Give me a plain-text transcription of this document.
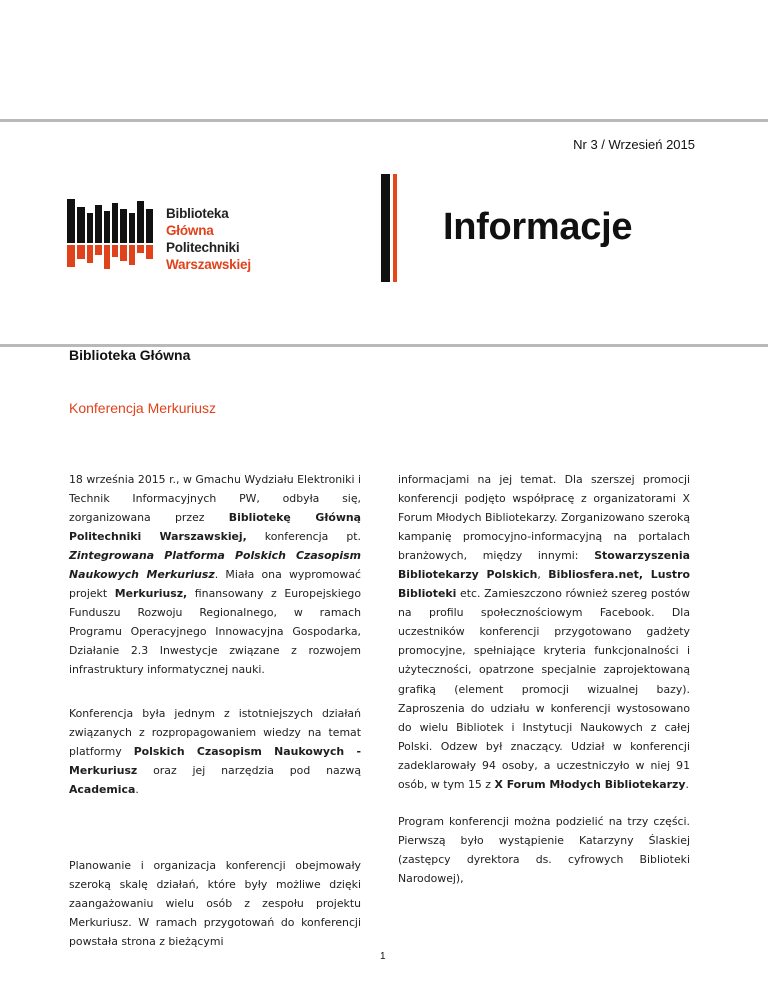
Nr 3 / Wrzesień 2015
Biblioteka
Główna
Politechniki
Warszawskiej
Informacje
Biblioteka Główna
Konferencja Merkuriusz

18 września 2015 r., w Gmachu Wydziału Elektroniki i Technik Informacyjnych PW, odbyła się, zorganizowana przez Bibliotekę Główną Politechniki Warszawskiej, konferencja pt. Zintegrowana Platforma Polskich Czasopism Naukowych Merkuriusz. Miała ona wypromować projekt Merkuriusz, finansowany z Europejskiego Funduszu Rozwoju Regionalnego, w ramach Programu Operacyjnego Innowacyjna Gospodarka, Działanie 2.3 Inwestycje związane z rozwojem infrastruktury informatycznej nauki.

Konferencja była jednym z istotniejszych działań związanych z rozpropagowaniem wiedzy na temat platformy Polskich Czasopism Naukowych - Merkuriusz oraz jej narzędzia pod nazwą Academica.

Planowanie i organizacja konferencji obejmowały szeroką skalę działań, które były możliwe dzięki zaangażowaniu wielu osób z zespołu projektu Merkuriusz. W ramach przygotowań do konferencji powstała strona z bieżącymi

informacjami na jej temat. Dla szerszej promocji konferencji podjęto współpracę z organizatorami X Forum Młodych Bibliotekarzy. Zorganizowano szeroką kampanię promocyjno-informacyjną na portalach branżowych, między innymi: Stowarzyszenia Bibliotekarzy Polskich, Bibliosfera.net, Lustro Biblioteki etc. Zamieszczono również szereg postów na profilu społecznościowym Facebook. Dla uczestników konferencji przygotowano gadżety promocyjne, spełniające kryteria funkcjonalności i użyteczności, opatrzone specjalnie zaprojektowaną grafiką (element promocji wizualnej bazy). Zaproszenia do udziału w konferencji wystosowano do wielu Bibliotek i Instytucji Naukowych z całej Polski. Odzew był znaczący. Udział w konferencji zadeklarowały 94 osoby, a uczestniczyło w niej 91 osób, w tym 15 z X Forum Młodych Bibliotekarzy.

Program konferencji można podzielić na trzy części. Pierwszą było wystąpienie Katarzyny Ślaskiej (zastępcy dyrektora ds. cyfrowych Biblioteki Narodowej),

1
